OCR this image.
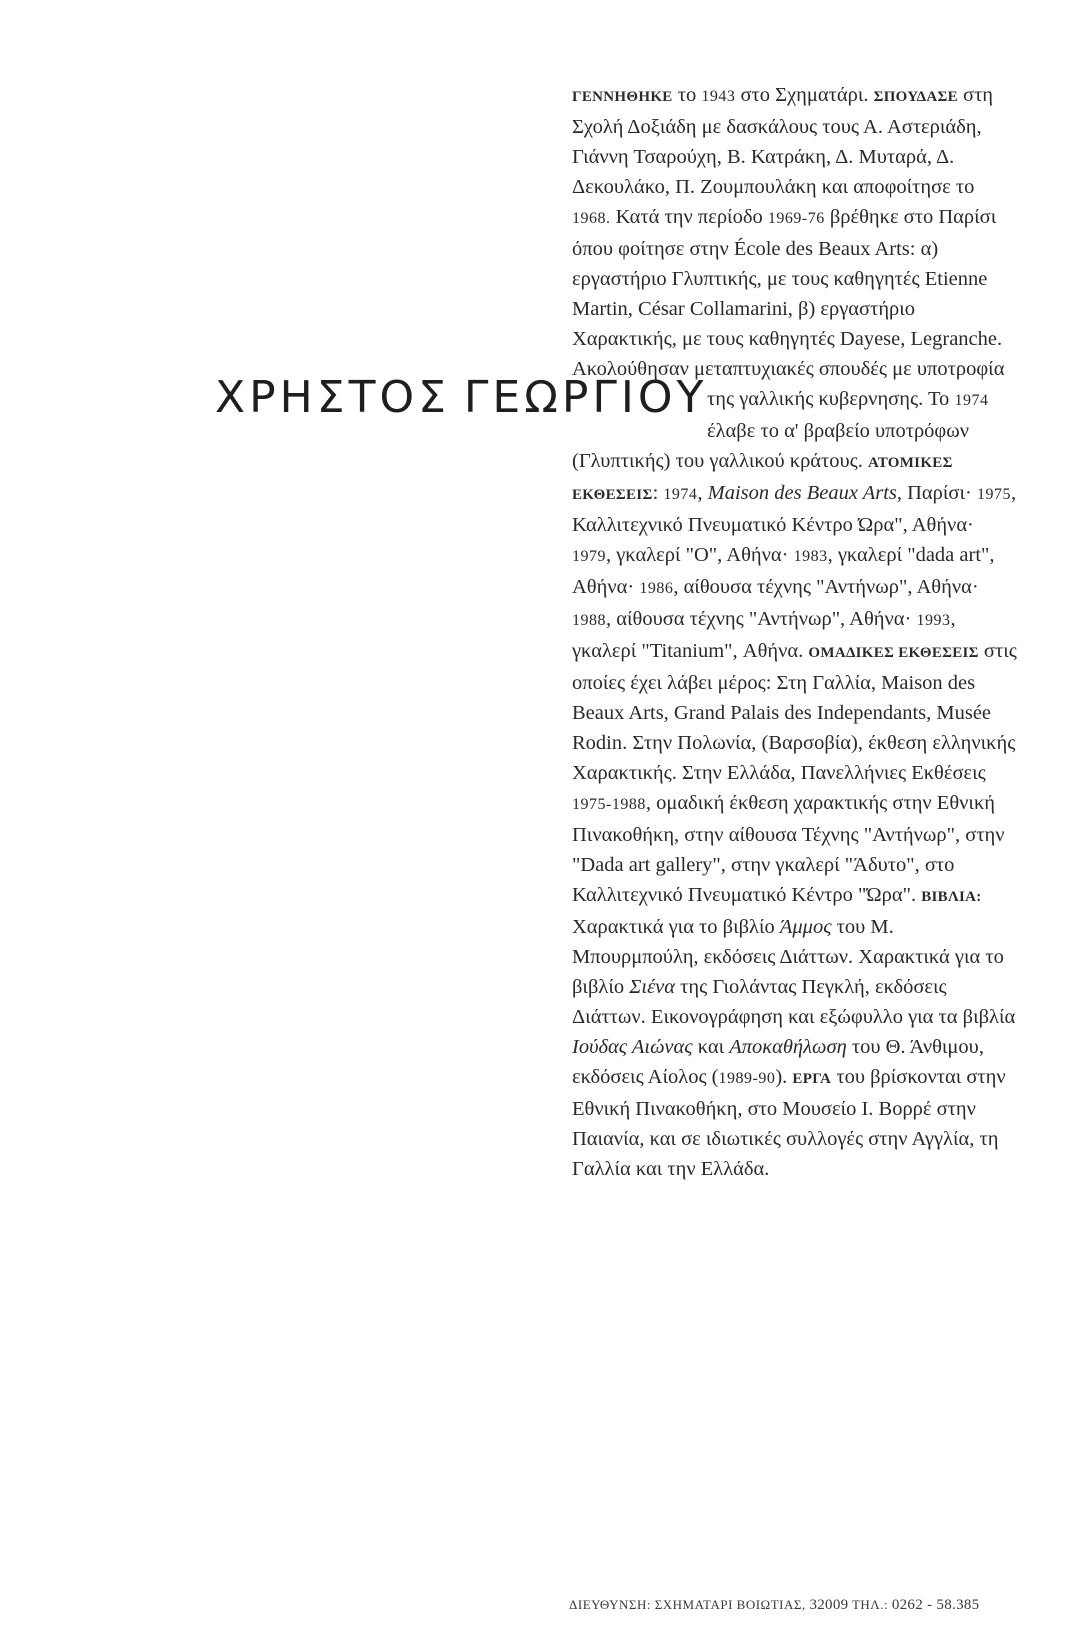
ΧΡΗΣΤΟΣ ΓΕΩΡΓΙΟΥ
ΓΕΝΝΗΘΗΚΕ το 1943 στο Σχηματάρι. ΣΠΟΥΔΑΣΕ στη
Σχολή Δοξιάδη με δασκάλους τους Α. Αστεριάδη,
Γιάννη Τσαρούχη, Β. Κατράκη, Δ. Μυταρά, Δ.
Δεκουλάκο, Π. Ζουμπουλάκη και αποφοίτησε το
1968. Κατά την περίοδο 1969-76 βρέθηκε στο Παρίσι
όπου φοίτησε στην École des Beaux Arts: α)
εργαστήριο Γλυπτικής, με τους καθηγητές Etienne
Martin, César Collamarini, β) εργαστήριο
Χαρακτικής, με τους καθηγητές Dayese, Legranche.
Ακολούθησαν μεταπτυχιακές σπουδές με υποτροφία
της γαλλικής κυβερνησης. Το 1974
έλαβε το α' βραβείο υποτρόφων
(Γλυπτικής) του γαλλικού κράτους. ΑΤΟΜΙΚΕΣ
ΕΚΘΕΣΕΙΣ: 1974, Maison des Beaux Arts, Παρίσι· 1975,
Καλλιτεχνικό Πνευματικό Κέντρο Ώρα", Αθήνα·
1979, γκαλερί "Ο", Αθήνα· 1983, γκαλερί "dada art",
Αθήνα· 1986, αίθουσα τέχνης "Αντήνωρ", Αθήνα·
1988, αίθουσα τέχνης "Αντήνωρ", Αθήνα· 1993,
γκαλερί "Titanium", Αθήνα. ΟΜΑΔΙΚΕΣ ΕΚΘΕΣΕΙΣ στις
οποίες έχει λάβει μέρος: Στη Γαλλία, Maison des
Beaux Arts, Grand Palais des Independants, Musée
Rodin. Στην Πολωνία, (Βαρσοβία), έκθεση ελληνικής
Χαρακτικής. Στην Ελλάδα, Πανελλήνιες Εκθέσεις
1975-1988, ομαδική έκθεση χαρακτικής στην Εθνική
Πινακοθήκη, στην αίθουσα Τέχνης "Αντήνωρ", στην
"Dada art gallery", στην γκαλερί "Άδυτο", στο
Καλλιτεχνικό Πνευματικό Κέντρο "Ώρα". ΒΙΒΛΙΑ:
Χαρακτικά για το βιβλίο Άμμος του Μ.
Μπουρμπούλη, εκδόσεις Διάττων. Χαρακτικά για το
βιβλίο Σιένα της Γιολάντας Πεγκλή, εκδόσεις
Διάττων. Εικονογράφηση και εξώφυλλο για τα βιβλία
Ιούδας Αιώνας και Αποκαθήλωση του Θ. Άνθιμου,
εκδόσεις Αίολος (1989-90). ΕΡΓΑ του βρίσκονται στην
Εθνική Πινακοθήκη, στο Μουσείο Ι. Βορρέ στην
Παιανία, και σε ιδιωτικές συλλογές στην Αγγλία, τη
Γαλλία και την Ελλάδα.
ΔΙΕΥΘΥΝΣΗ: ΣΧΗΜΑΤΑΡΙ ΒΟΙΩΤΙΑΣ, 32009 ΤΗΛ.: 0262 - 58.385
